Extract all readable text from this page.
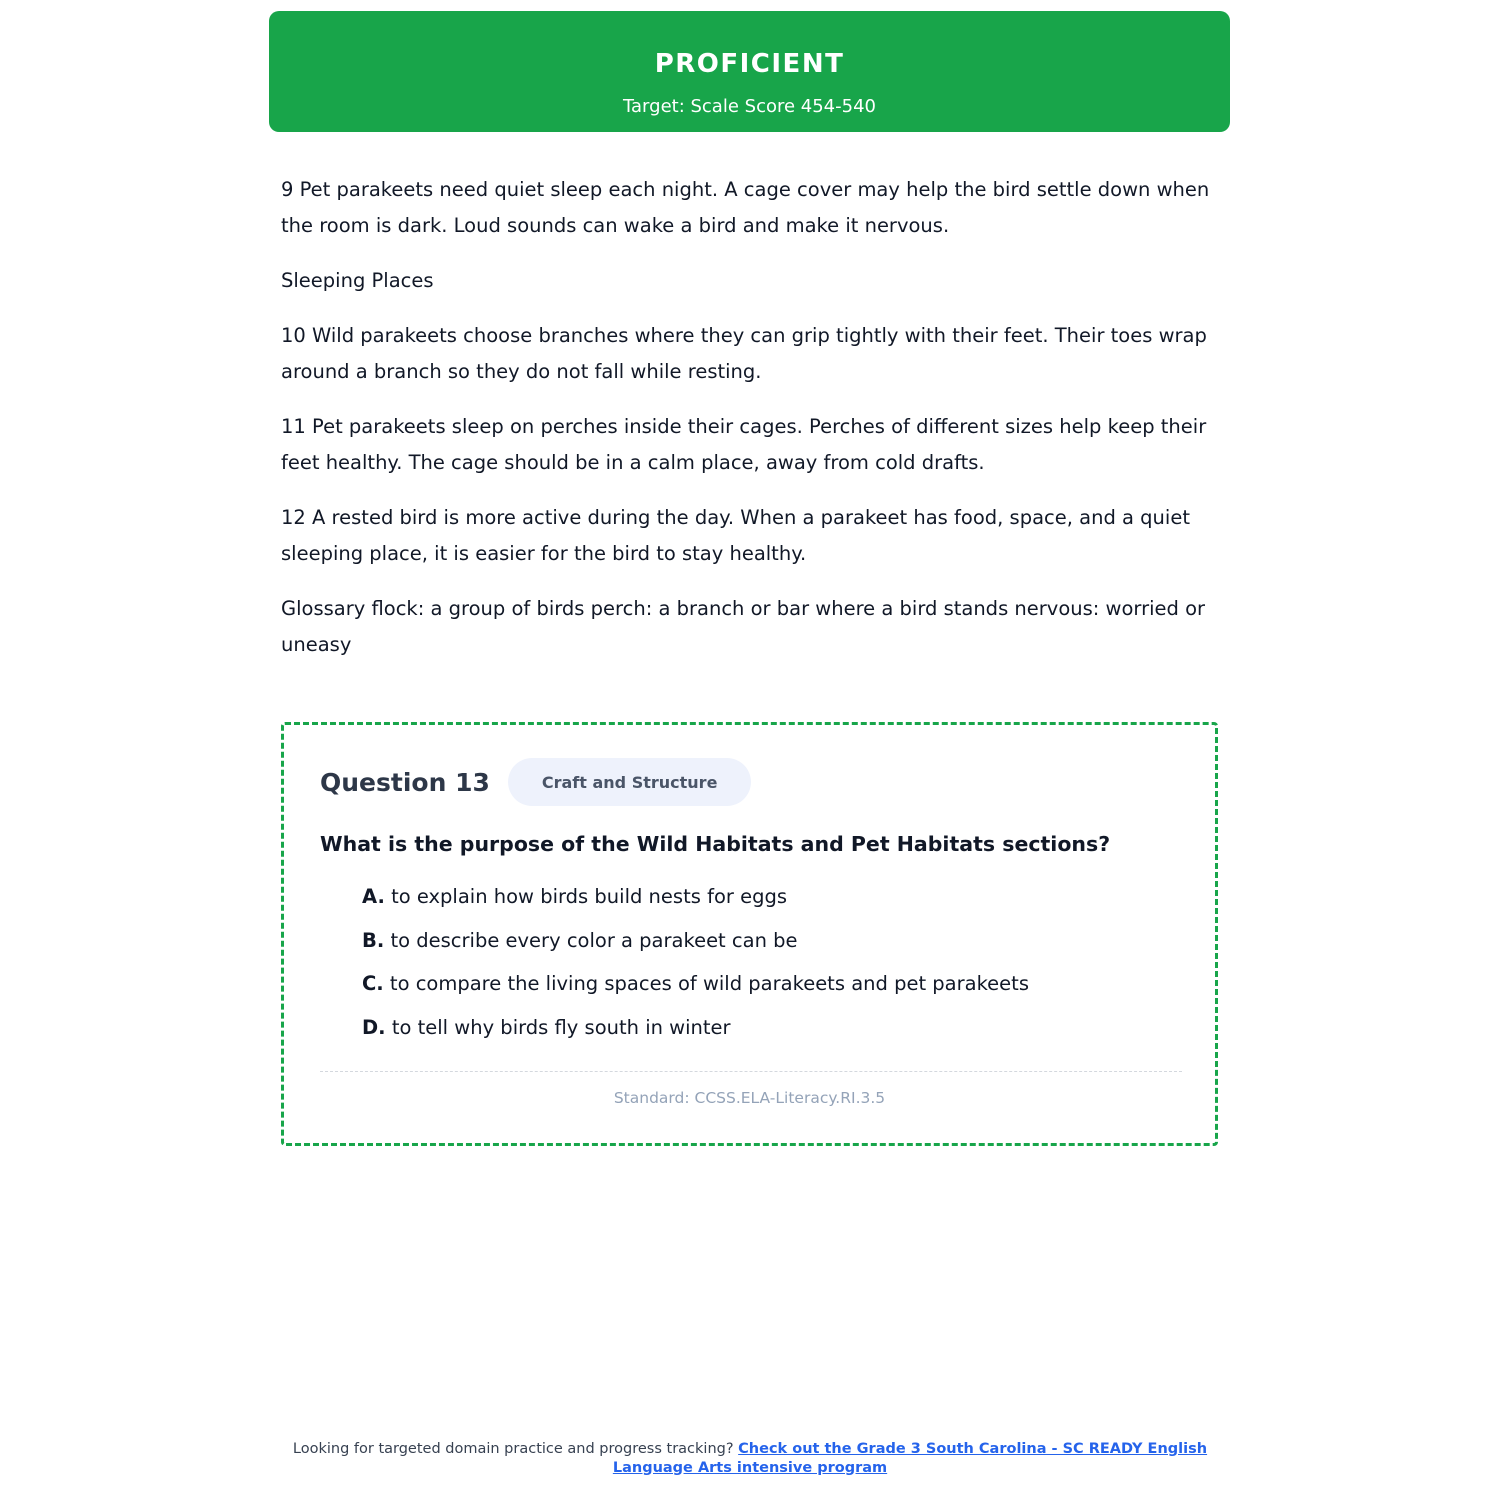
PROFICIENT
Target: Scale Score 454-540

9 Pet parakeets need quiet sleep each night. A cage cover may help the bird settle down when the room is dark. Loud sounds can wake a bird and make it nervous.

Sleeping Places

10 Wild parakeets choose branches where they can grip tightly with their feet. Their toes wrap around a branch so they do not fall while resting.

11 Pet parakeets sleep on perches inside their cages. Perches of different sizes help keep their feet healthy. The cage should be in a calm place, away from cold drafts.

12 A rested bird is more active during the day. When a parakeet has food, space, and a quiet sleeping place, it is easier for the bird to stay healthy.

Glossary flock: a group of birds perch: a branch or bar where a bird stands nervous: worried or uneasy

Question 13	Craft and Structure
What is the purpose of the Wild Habitats and Pet Habitats sections?
A. to explain how birds build nests for eggs
B. to describe every color a parakeet can be
C. to compare the living spaces of wild parakeets and pet parakeets
D. to tell why birds fly south in winter
Standard: CCSS.ELA-Literacy.RI.3.5
Looking for targeted domain practice and progress tracking? Check out the Grade 3 South Carolina - SC READY English Language Arts intensive program
